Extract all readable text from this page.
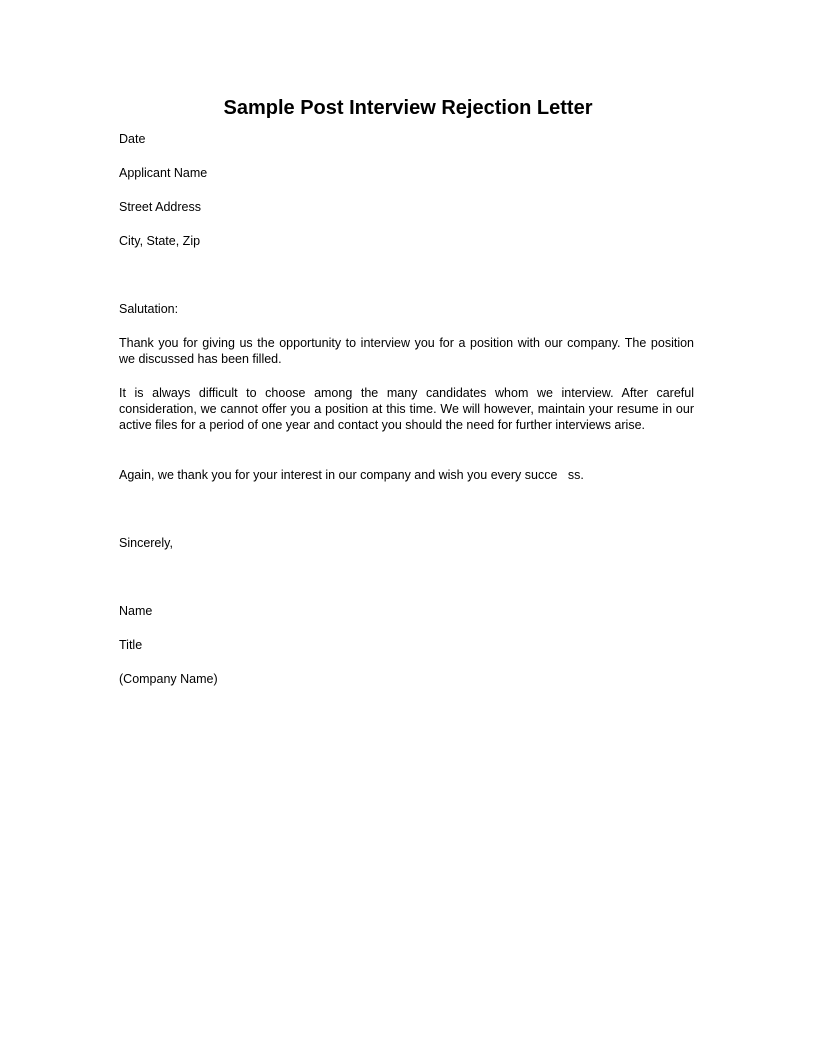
Sample Post Interview Rejection Letter

Date

Applicant Name

Street Address

City, State, Zip

Salutation:

Thank you for giving us the opportunity to interview you for a position with our company. The position we discussed has been filled.

It is always difficult to choose among the many candidates whom we interview. After careful consideration, we cannot offer you a position at this time. We will however, maintain your resume in our active files for a period of one year and contact you should the need for further interviews arise.

Again, we thank you for your interest in our company and wish you every succe   ss.

Sincerely,

Name

Title

(Company Name)
